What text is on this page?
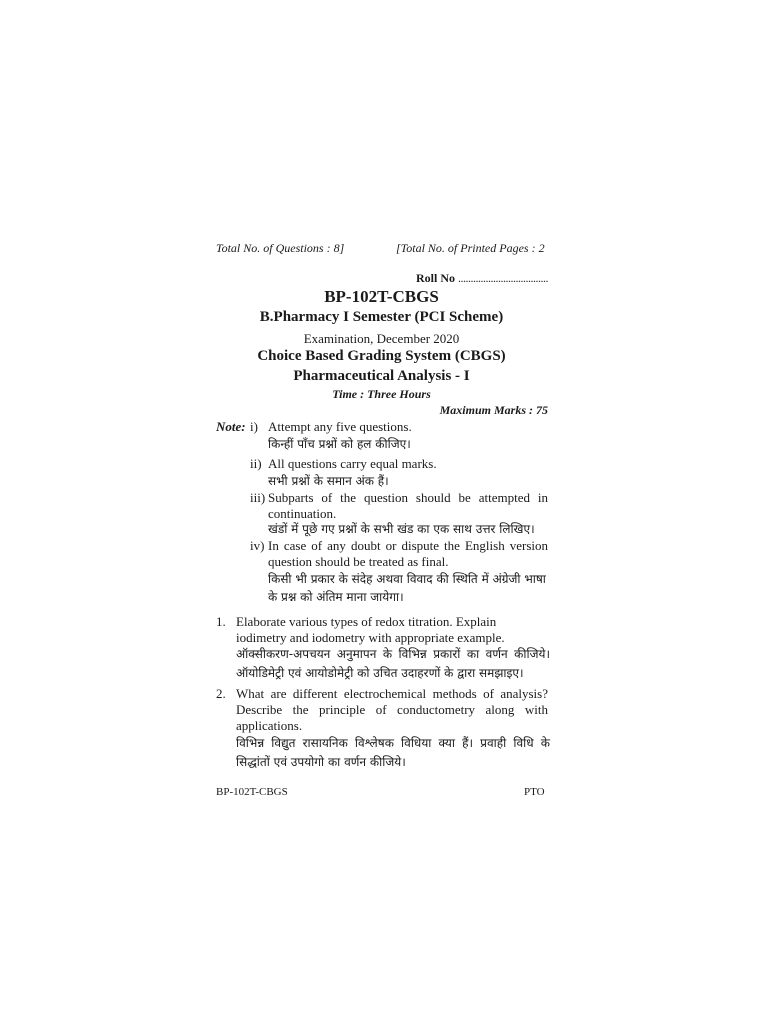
Total No. of Questions : 8]	[Total No. of Printed Pages : 2
Roll No ....................................
BP-102T-CBGS
B.Pharmacy I Semester (PCI Scheme)
Examination, December 2020
Choice Based Grading System (CBGS)
Pharmaceutical Analysis - I
Time : Three Hours
Maximum Marks : 75
Note: i) Attempt any five questions.
किन्हीं पाँच प्रश्नों को हल कीजिए।
ii) All questions carry equal marks.
सभी प्रश्नों के समान अंक हैं।
iii) Subparts of the question should be attempted in continuation.
खंडों में पूछे गए प्रश्नों के सभी खंड का एक साथ उत्तर लिखिए।
iv) In case of any doubt or dispute the English version question should be treated as final.
किसी भी प्रकार के संदेह अथवा विवाद की स्थिति में अंग्रेजी भाषा के प्रश्न को अंतिम माना जायेगा।
1. Elaborate various types of redox titration. Explain iodimetry and iodometry with appropriate example.
ऑक्सीकरण-अपचयन अनुमापन के विभिन्न प्रकारों का वर्णन कीजिये। ऑयोडिमेट्री एवं आयोडोमेट्री को उचित उदाहरणों के द्वारा समझाइए।
2. What are different electrochemical methods of analysis? Describe the principle of conductometry along with applications.
विभिन्न विद्युत रासायनिक विश्लेषक विधिया क्या हैं। प्रवाही विधि के सिद्धांतों एवं उपयोगो का वर्णन कीजिये।
BP-102T-CBGS	PTO
